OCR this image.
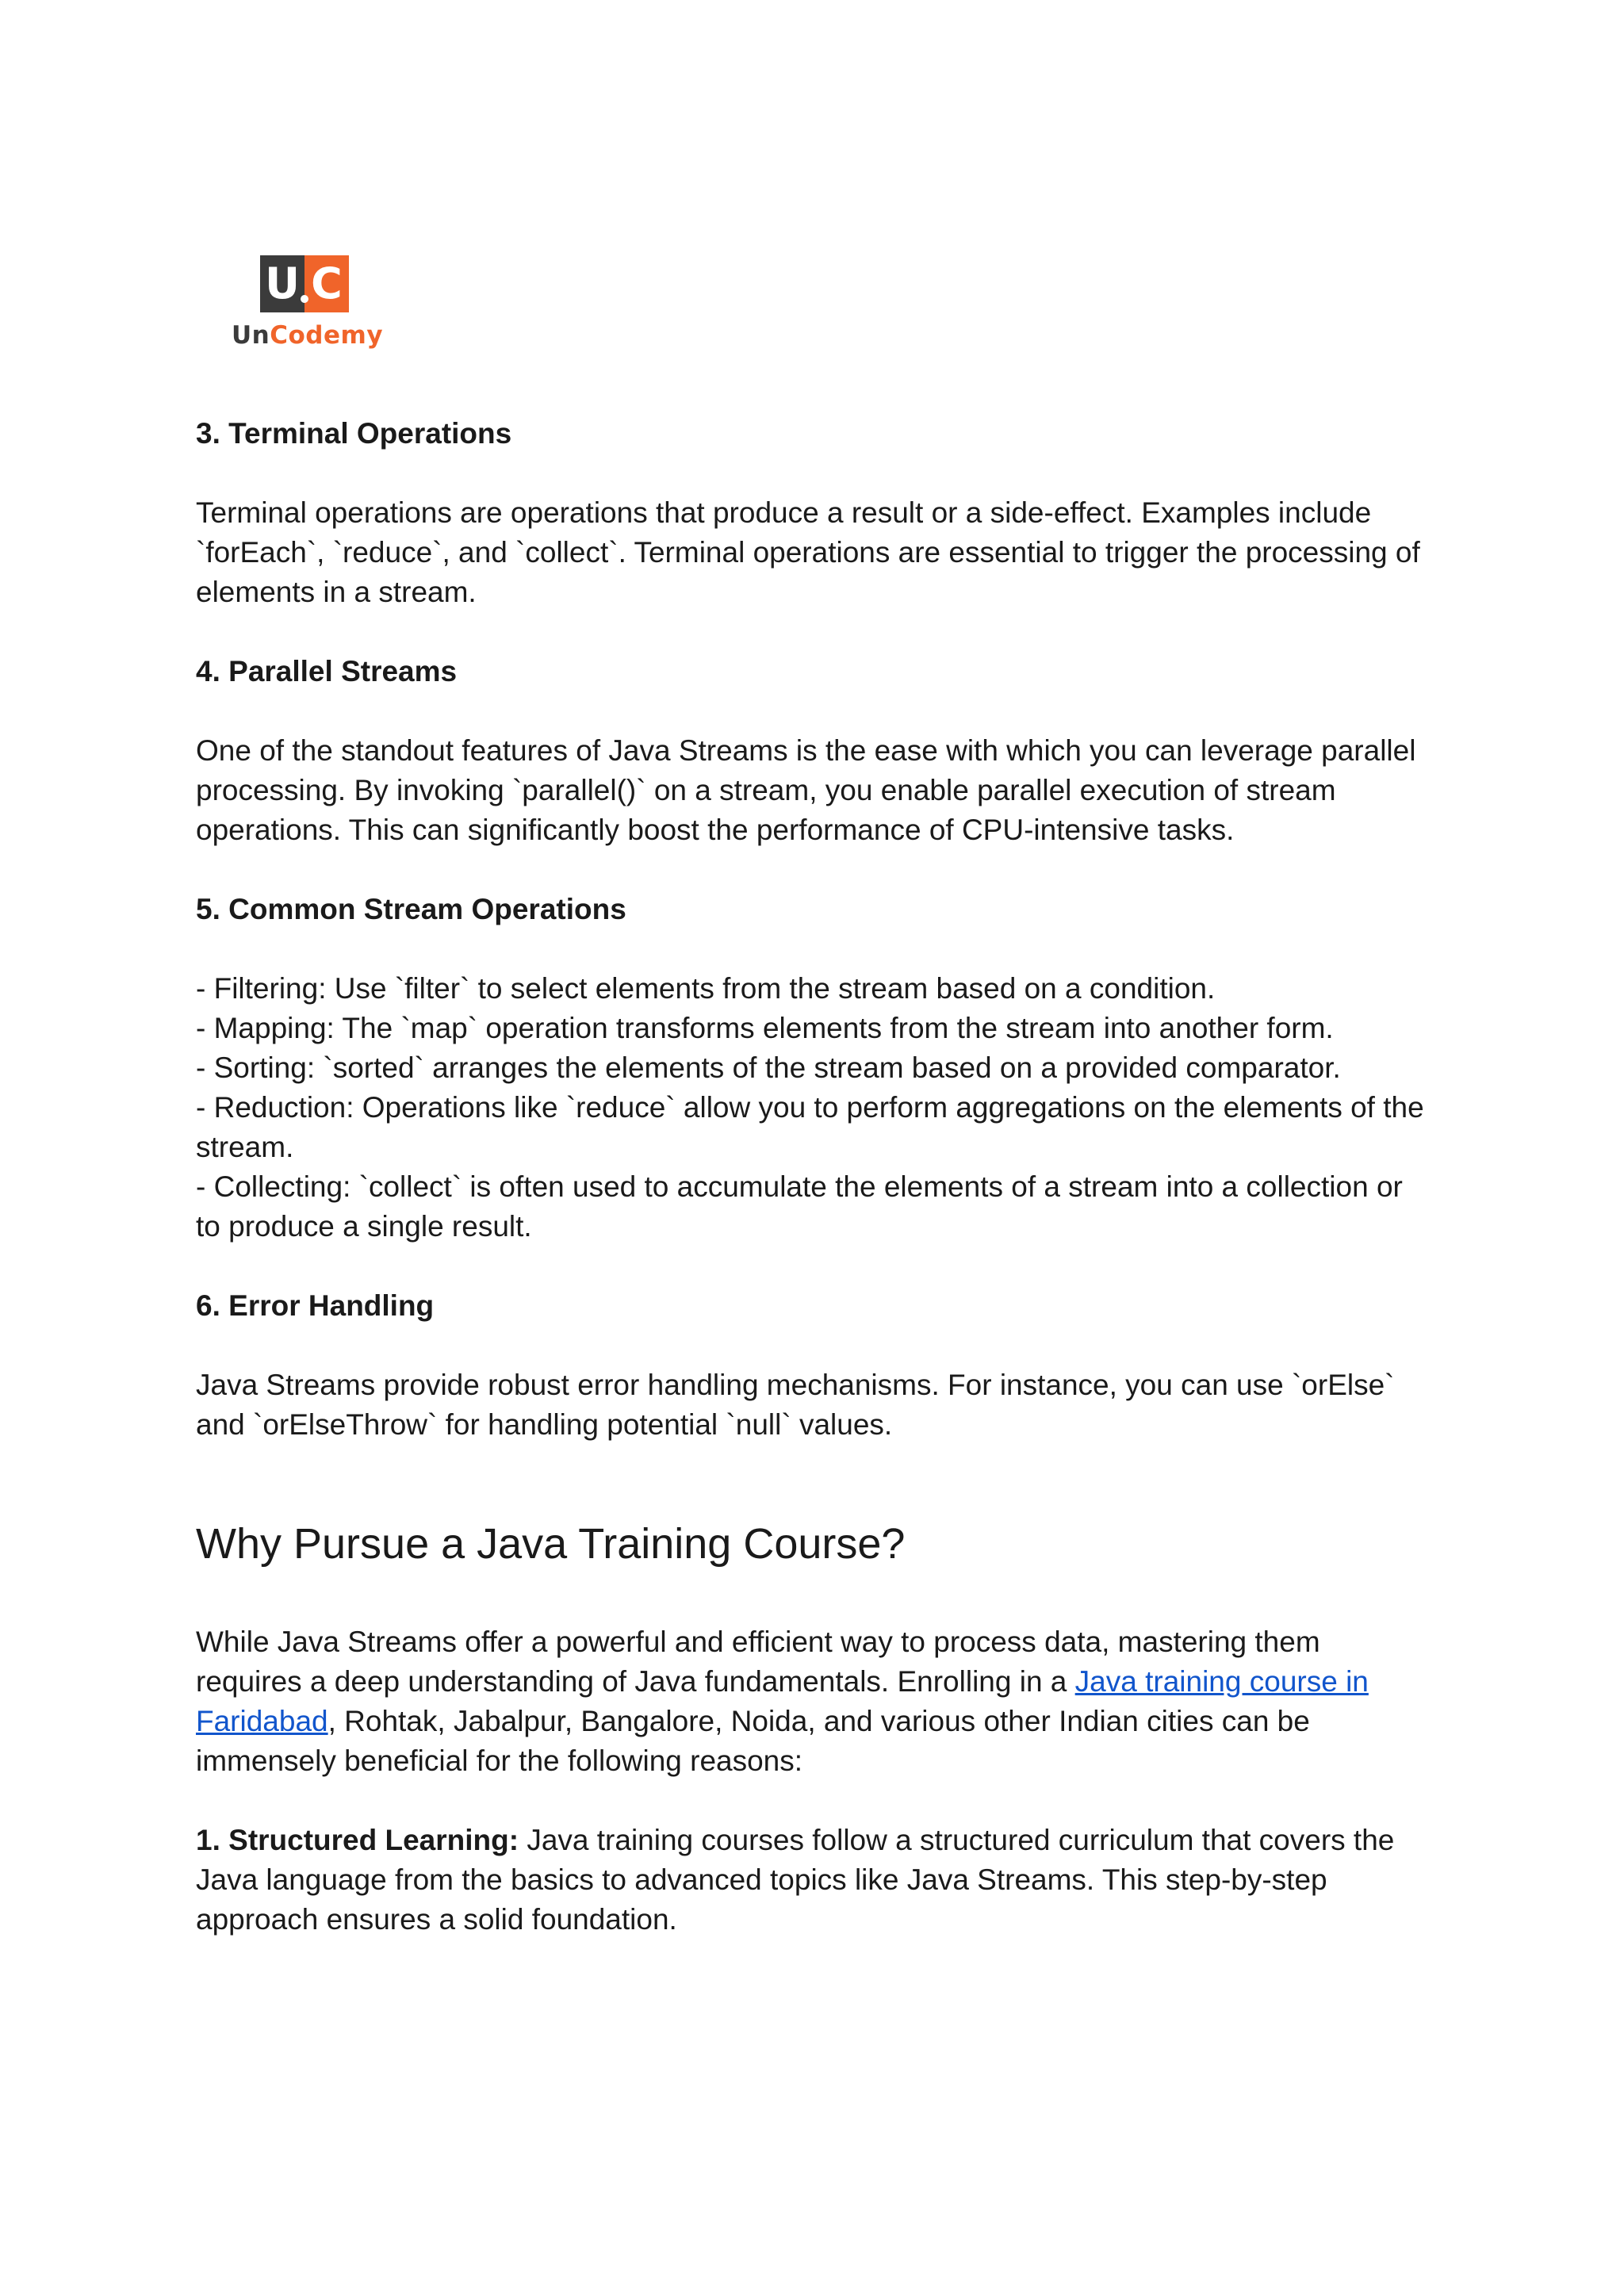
U C
UnCodemy
3. Terminal Operations

Terminal operations are operations that produce a result or a side-effect. Examples include `forEach`, `reduce`, and `collect`. Terminal operations are essential to trigger the processing of elements in a stream.

4. Parallel Streams

One of the standout features of Java Streams is the ease with which you can leverage parallel processing. By invoking `parallel()` on a stream, you enable parallel execution of stream operations. This can significantly boost the performance of CPU-intensive tasks.

5. Common Stream Operations

- Filtering: Use `filter` to select elements from the stream based on a condition.

- Mapping: The `map` operation transforms elements from the stream into another form.

- Sorting: `sorted` arranges the elements of the stream based on a provided comparator.

- Reduction: Operations like `reduce` allow you to perform aggregations on the elements of the stream.

- Collecting: `collect` is often used to accumulate the elements of a stream into a collection or to produce a single result.

6. Error Handling

Java Streams provide robust error handling mechanisms. For instance, you can use `orElse` and `orElseThrow` for handling potential `null` values.

Why Pursue a Java Training Course?

While Java Streams offer a powerful and efficient way to process data, mastering them requires a deep understanding of Java fundamentals. Enrolling in a Java training course in Faridabad, Rohtak, Jabalpur, Bangalore, Noida, and various other Indian cities can be immensely beneficial for the following reasons:

1. Structured Learning: Java training courses follow a structured curriculum that covers the Java language from the basics to advanced topics like Java Streams. This step-by-step approach ensures a solid foundation.
